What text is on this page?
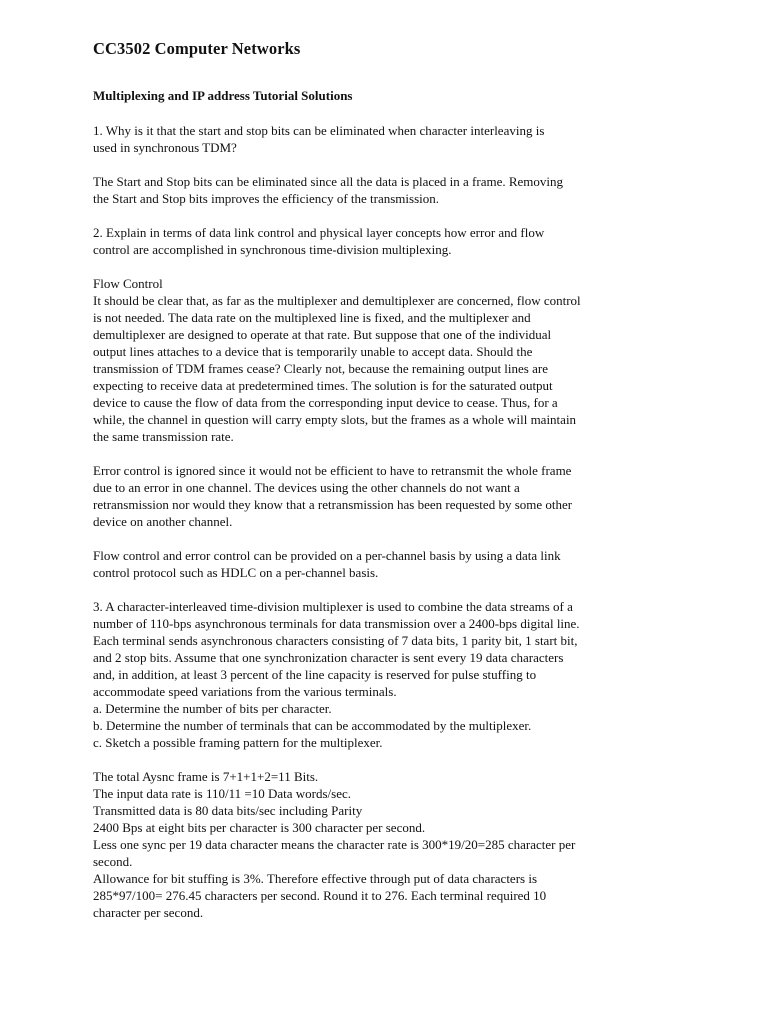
CC3502 Computer Networks
Multiplexing and IP address Tutorial Solutions

1. Why is it that the start and stop bits can be eliminated when character interleaving is
used in synchronous TDM?

The Start and Stop bits can be eliminated since all the data is placed in a frame. Removing
the Start and Stop bits improves the efficiency of the transmission.

2. Explain in terms of data link control and physical layer concepts how error and flow
control are accomplished in synchronous time-division multiplexing.

Flow Control
It should be clear that, as far as the multiplexer and demultiplexer are concerned, flow control
is not needed. The data rate on the multiplexed line is fixed, and the multiplexer and
demultiplexer are designed to operate at that rate. But suppose that one of the individual
output lines attaches to a device that is temporarily unable to accept data. Should the
transmission of TDM frames cease? Clearly not, because the remaining output lines are
expecting to receive data at predetermined times. The solution is for the saturated output
device to cause the flow of data from the corresponding input device to cease. Thus, for a
while, the channel in question will carry empty slots, but the frames as a whole will maintain
the same transmission rate.

Error control is ignored since it would not be efficient to have to retransmit the whole frame
due to an error in one channel. The devices using the other channels do not want a
retransmission nor would they know that a retransmission has been requested by some other
device on another channel.

Flow control and error control can be provided on a per-channel basis by using a data link
control protocol such as HDLC on a per-channel basis.

3. A character-interleaved time-division multiplexer is used to combine the data streams of a
number of 110-bps asynchronous terminals for data transmission over a 2400-bps digital line.
Each terminal sends asynchronous characters consisting of 7 data bits, 1 parity bit, 1 start bit,
and 2 stop bits. Assume that one synchronization character is sent every 19 data characters
and, in addition, at least 3 percent of the line capacity is reserved for pulse stuffing to
accommodate speed variations from the various terminals.
a. Determine the number of bits per character.
b. Determine the number of terminals that can be accommodated by the multiplexer.
c. Sketch a possible framing pattern for the multiplexer.

The total Aysnc frame is 7+1+1+2=11 Bits.
The input data rate is 110/11 =10 Data words/sec.
Transmitted data is 80 data bits/sec including Parity
2400 Bps at eight bits per character is 300 character per second.
Less one sync per 19 data character means the character rate is 300*19/20=285 character per
second.
Allowance for bit stuffing is 3%. Therefore effective through put of data characters is
285*97/100= 276.45 characters per second. Round it to 276. Each terminal required 10
character per second.
